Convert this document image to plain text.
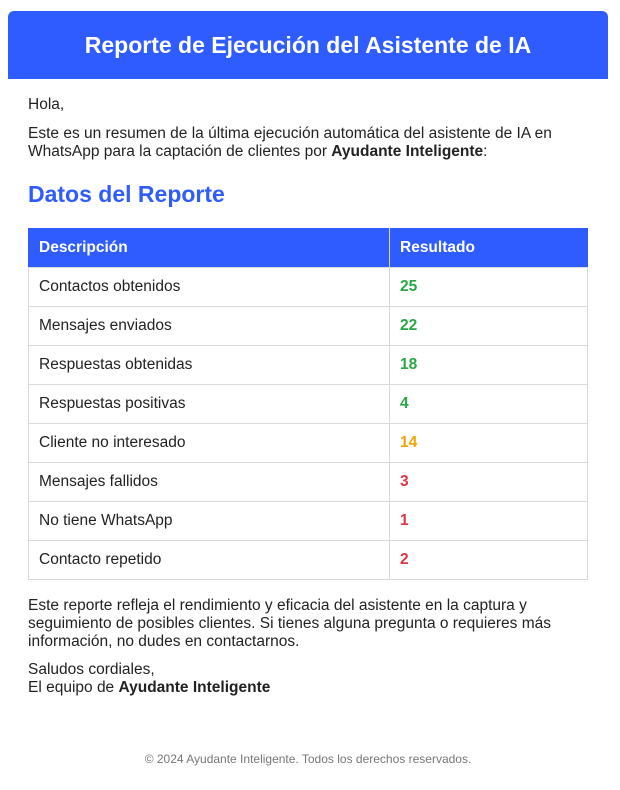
Reporte de Ejecución del Asistente de IA

Hola,

Este es un resumen de la última ejecución automática del asistente de IA en WhatsApp para la captación de clientes por Ayudante Inteligente:

Datos del Reporte
Descripción	Resultado
Contactos obtenidos	25
Mensajes enviados	22
Respuestas obtenidas	18
Respuestas positivas	4
Cliente no interesado	14
Mensajes fallidos	3
No tiene WhatsApp	1
Contacto repetido	2

Este reporte refleja el rendimiento y eficacia del asistente en la captura y seguimiento de posibles clientes. Si tienes alguna pregunta o requieres más información, no dudes en contactarnos.

Saludos cordiales,
El equipo de Ayudante Inteligente

© 2024 Ayudante Inteligente. Todos los derechos reservados.
